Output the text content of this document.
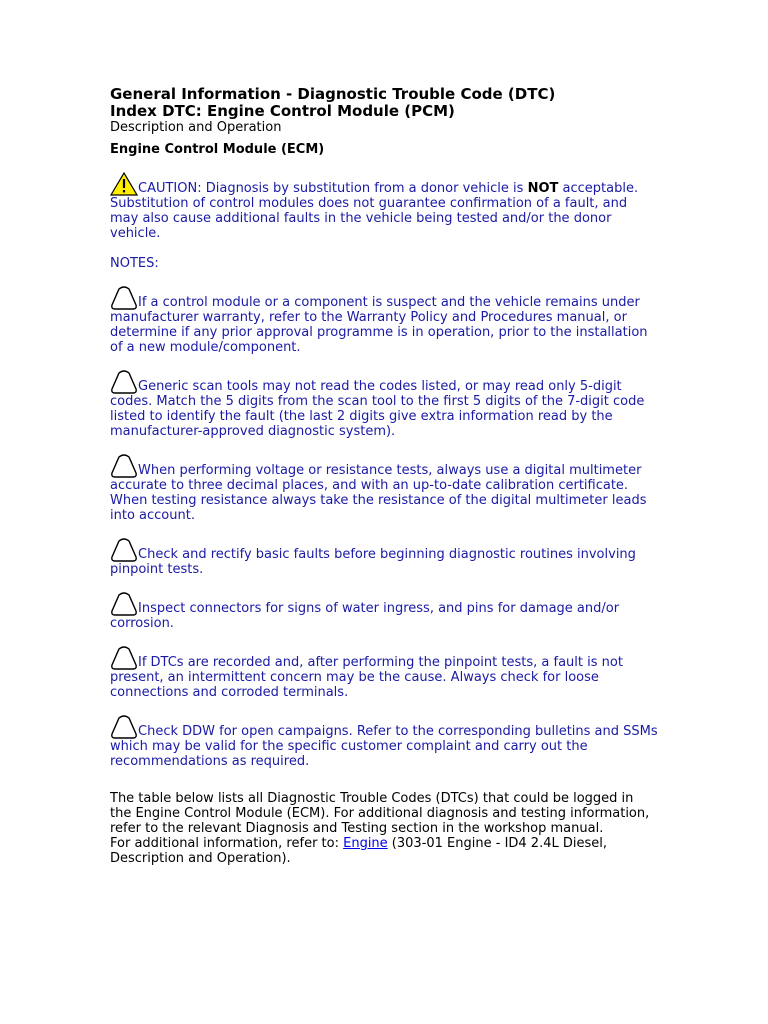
General Information - Diagnostic Trouble Code (DTC)

Index DTC: Engine Control Module (PCM)

Description and Operation

Engine Control Module (ECM)

CAUTION: Diagnosis by substitution from a donor vehicle is NOT acceptable. Substitution of control modules does not guarantee confirmation of a fault, and may also cause additional faults in the vehicle being tested and/or the donor vehicle.
NOTES:
If a control module or a component is suspect and the vehicle remains under manufacturer warranty, refer to the Warranty Policy and Procedures manual, or determine if any prior approval programme is in operation, prior to the installation of a new module/component.
Generic scan tools may not read the codes listed, or may read only 5-digit codes. Match the 5 digits from the scan tool to the first 5 digits of the 7-digit code listed to identify the fault (the last 2 digits give extra information read by the manufacturer-approved diagnostic system).
When performing voltage or resistance tests, always use a digital multimeter accurate to three decimal places, and with an up-to-date calibration certificate. When testing resistance always take the resistance of the digital multimeter leads into account.
Check and rectify basic faults before beginning diagnostic routines involving pinpoint tests.
Inspect connectors for signs of water ingress, and pins for damage and/or corrosion.
If DTCs are recorded and, after performing the pinpoint tests, a fault is not present, an intermittent concern may be the cause. Always check for loose connections and corroded terminals.
Check DDW for open campaigns. Refer to the corresponding bulletins and SSMs which may be valid for the specific customer complaint and carry out the recommendations as required.
The table below lists all Diagnostic Trouble Codes (DTCs) that could be logged in the Engine Control Module (ECM). For additional diagnosis and testing information, refer to the relevant Diagnosis and Testing section in the workshop manual.
For additional information, refer to: Engine (303-01 Engine - ID4 2.4L Diesel, Description and Operation).
